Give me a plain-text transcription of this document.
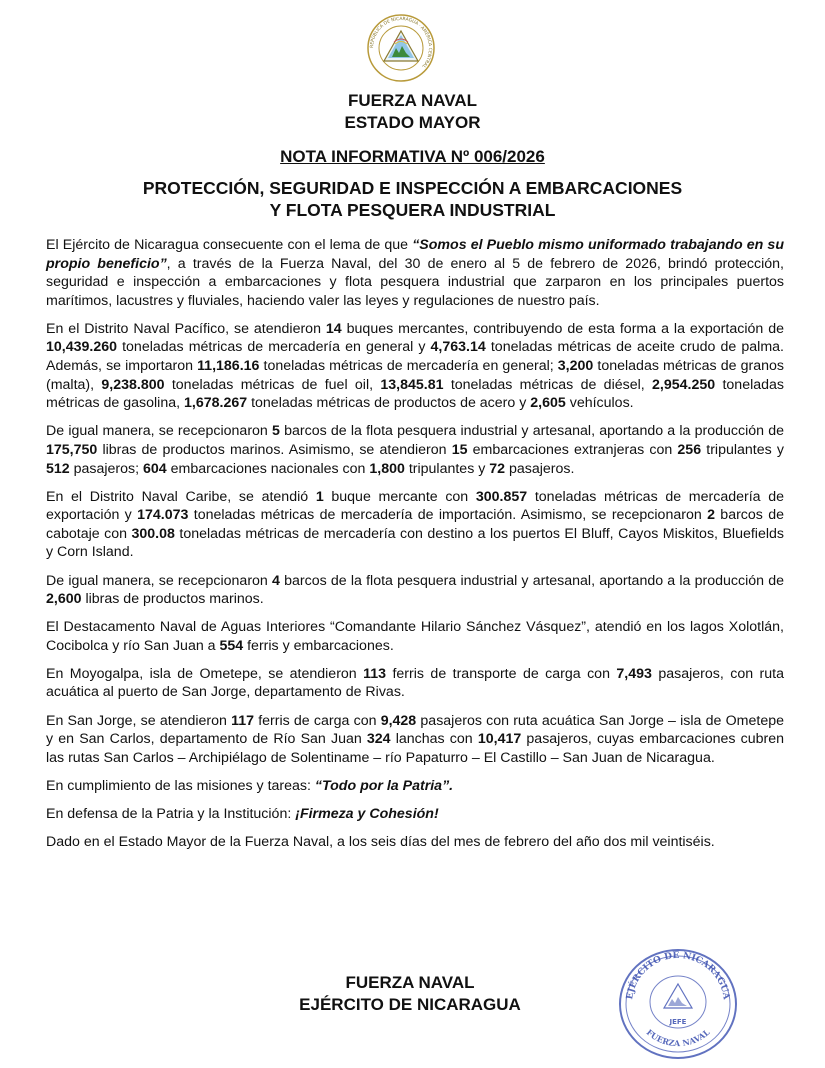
REPÚBLICA DE NICARAGUA · AMÉRICA CENTRAL
FUERZA NAVAL
ESTADO MAYOR
NOTA INFORMATIVA Nº 006/2026
PROTECCIÓN, SEGURIDAD E INSPECCIÓN A EMBARCACIONES
Y FLOTA PESQUERA INDUSTRIAL

El Ejército de Nicaragua consecuente con el lema de que “Somos el Pueblo mismo uniformado trabajando en su propio beneficio”, a través de la Fuerza Naval, del 30 de enero al 5 de febrero de 2026, brindó protección, seguridad e inspección a embarcaciones y flota pesquera industrial que zarparon en los principales puertos marítimos, lacustres y fluviales, haciendo valer las leyes y regulaciones de nuestro país.

En el Distrito Naval Pacífico, se atendieron 14 buques mercantes, contribuyendo de esta forma a la exportación de 10,439.260 toneladas métricas de mercadería en general y 4,763.14 toneladas métricas de aceite crudo de palma. Además, se importaron 11,186.16 toneladas métricas de mercadería en general; 3,200 toneladas métricas de granos (malta), 9,238.800 toneladas métricas de fuel oil, 13,845.81 toneladas métricas de diésel, 2,954.250 toneladas métricas de gasolina, 1,678.267 toneladas métricas de productos de acero y 2,605 vehículos.

De igual manera, se recepcionaron 5 barcos de la flota pesquera industrial y artesanal, aportando a la producción de 175,750 libras de productos marinos. Asimismo, se atendieron 15 embarcaciones extranjeras con 256 tripulantes y 512 pasajeros; 604 embarcaciones nacionales con 1,800 tripulantes y 72 pasajeros.

En el Distrito Naval Caribe, se atendió 1 buque mercante con 300.857 toneladas métricas de mercadería de exportación y 174.073 toneladas métricas de mercadería de importación. Asimismo, se recepcionaron 2 barcos de cabotaje con 300.08 toneladas métricas de mercadería con destino a los puertos El Bluff, Cayos Miskitos, Bluefields y Corn Island.

De igual manera, se recepcionaron 4 barcos de la flota pesquera industrial y artesanal, aportando a la producción de 2,600 libras de productos marinos.

El Destacamento Naval de Aguas Interiores “Comandante Hilario Sánchez Vásquez”, atendió en los lagos Xolotlán, Cocibolca y río San Juan a 554 ferris y embarcaciones.

En Moyogalpa, isla de Ometepe, se atendieron 113 ferris de transporte de carga con 7,493 pasajeros, con ruta acuática al puerto de San Jorge, departamento de Rivas.

En San Jorge, se atendieron 117 ferris de carga con 9,428 pasajeros con ruta acuática San Jorge – isla de Ometepe y en San Carlos, departamento de Río San Juan 324 lanchas con 10,417 pasajeros, cuyas embarcaciones cubren las rutas San Carlos – Archipiélago de Solentiname – río Papaturro – El Castillo – San Juan de Nicaragua.

En cumplimiento de las misiones y tareas: “Todo por la Patria”.

En defensa de la Patria y la Institución: ¡Firmeza y Cohesión!

Dado en el Estado Mayor de la Fuerza Naval, a los seis días del mes de febrero del año dos mil veintiséis.

FUERZA NAVAL
EJÉRCITO DE NICARAGUA	EJÉRCITO DE NICARAGUA
FUERZA NAVAL
JEFE
